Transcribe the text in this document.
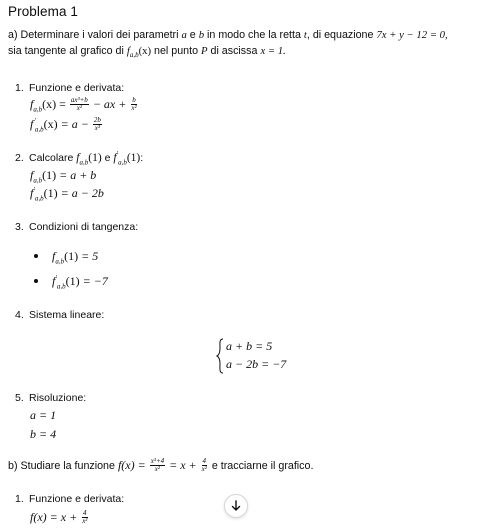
Problema 1
a) Determinare i valori dei parametri a e b in modo che la retta t, di equazione 7x + y − 12 = 0,
sia tangente al grafico di $f_{a,b}(x)$ nel punto P di ascissa x = 1.
1. Funzione e derivata:
$f_{a,b}(x) = \frac{\text{ax³+b}}{\text{x²}}$ − ax + $\frac{b}{\text{x²}}$
$f'_{a,b}(x) = a - \frac{2b}{\text{x³}}$
2. Calcolare $f_{a,b}(1)$ e $f'_{a,b}(1)$:
$f_{a,b}(1) = a + b$
$f'_{a,b}(1) = a - 2b$
3. Condizioni di tangenza:
$f_{a,b}(1) = 5$
$f'_{a,b}(1) = -7$
4. Sistema lineare:
a + b = 5
a − 2b = −7
5. Risoluzione:
a = 1
b = 4
b) Studiare la funzione $f(x) = \frac{\text{x³+4}}{\text{x²}} = x + \frac{4}{\text{x²}}$ e tracciarne il grafico.
1. Funzione e derivata:
$f(x) = x + \frac{4}{\text{x²}}$
